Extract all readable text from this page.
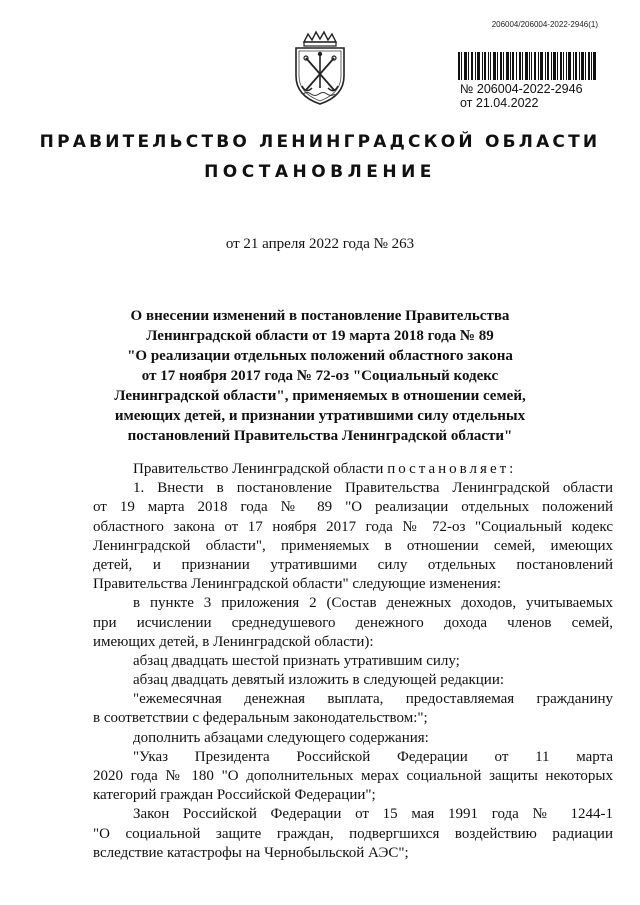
206004/206004-2022-2946(1)
№ 206004-2022-2946
от 21.04.2022
ПРАВИТЕЛЬСТВО ЛЕНИНГРАДСКОЙ ОБЛАСТИ
ПОСТАНОВЛЕНИЕ
от 21 апреля 2022 года № 263
О внесении изменений в постановление Правительства
Ленинградской области от 19 марта 2018 года № 89
"О реализации отдельных положений областного закона
от 17 ноября 2017 года № 72-оз "Социальный кодекс
Ленинградской области", применяемых в отношении семей,
имеющих детей, и признании утратившими силу отдельных
постановлений Правительства Ленинградской области"
Правительство Ленинградской области постановляет:
1. Внести в постановление Правительства Ленинградской области
от 19 марта 2018 года № 89 "О реализации отдельных положений
областного закона от 17 ноября 2017 года № 72-оз "Социальный кодекс
Ленинградской области", применяемых в отношении семей, имеющих
детей, и признании утратившими силу отдельных постановлений
Правительства Ленинградской области" следующие изменения:
в пункте 3 приложения 2 (Состав денежных доходов, учитываемых
при исчислении среднедушевого денежного дохода членов семей,
имеющих детей, в Ленинградской области):
абзац двадцать шестой признать утратившим силу;
абзац двадцать девятый изложить в следующей редакции:
"ежемесячная денежная выплата, предоставляемая гражданину
в соответствии с федеральным законодательством:";
дополнить абзацами следующего содержания:
"Указ Президента Российской Федерации от 11 марта
2020 года № 180 "О дополнительных мерах социальной защиты некоторых
категорий граждан Российской Федерации";
Закон Российской Федерации от 15 мая 1991 года № 1244-1
"О социальной защите граждан, подвергшихся воздействию радиации
вследствие катастрофы на Чернобыльской АЭС";
